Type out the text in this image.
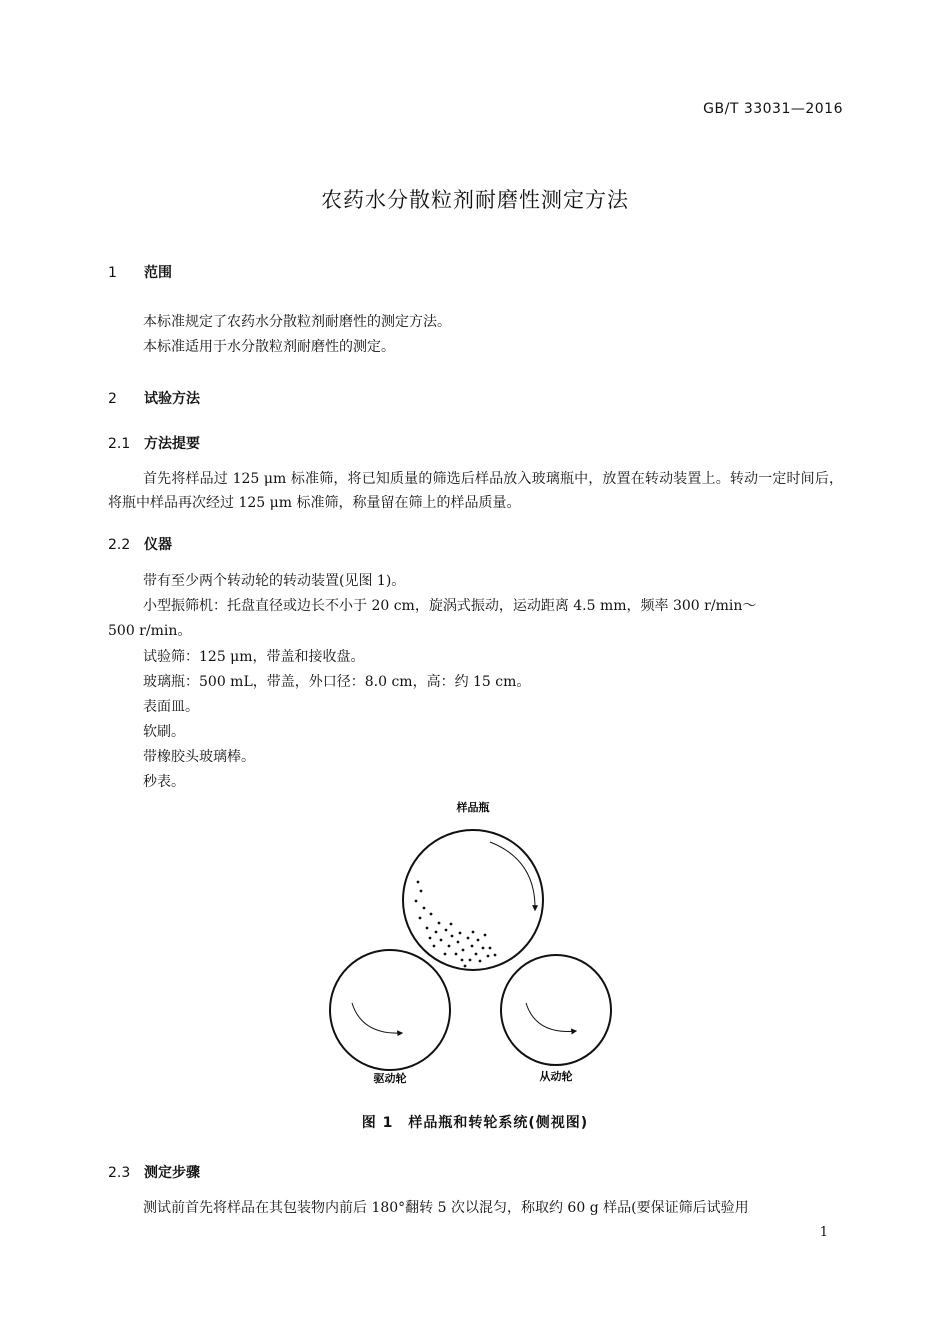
GB/T 33031—2016
农药水分散粒剂耐磨性测定方法
1 范围
本标准规定了农药水分散粒剂耐磨性的测定方法。
本标准适用于水分散粒剂耐磨性的测定。
2 试验方法
2.1 方法提要
首先将样品过 125 μm 标准筛，将已知质量的筛选后样品放入玻璃瓶中，放置在转动装置上。转动一定时间后，将瓶中样品再次经过 125 μm 标准筛，称量留在筛上的样品质量。
2.2 仪器
带有至少两个转动轮的转动装置(见图 1)。
小型振筛机：托盘直径或边长不小于 20 cm，旋涡式振动，运动距离 4.5 mm，频率 300 r/min～
500 r/min。
试验筛：125 μm，带盖和接收盘。
玻璃瓶：500 mL，带盖，外口径：8.0 cm，高：约 15 cm。
表面皿。
软刷。
带橡胶头玻璃棒。
秒表。
样品瓶
驱动轮	从动轮
图 1　样品瓶和转轮系统(侧视图)
2.3 测定步骤
测试前首先将样品在其包装物内前后 180°翻转 5 次以混匀，称取约 60 g 样品(要保证筛后试验用
1
